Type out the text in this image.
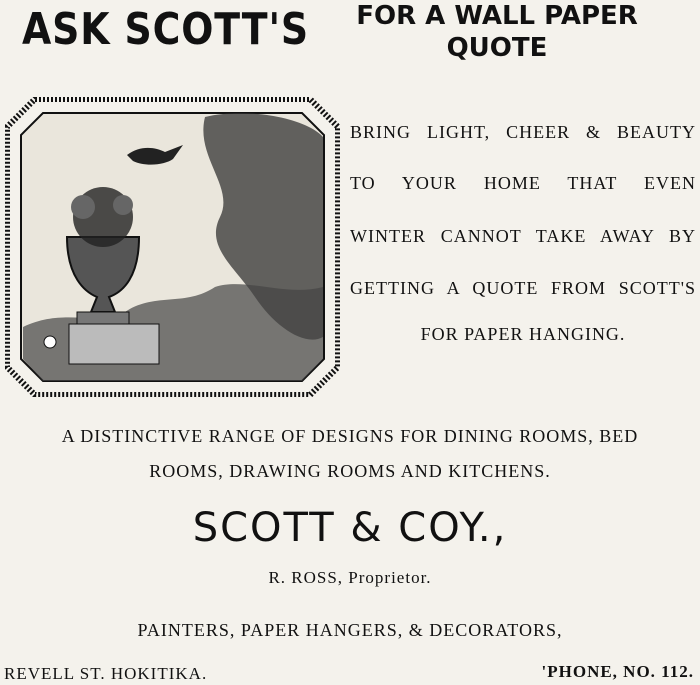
ASK SCOTT'S FOR A WALL PAPER
QUOTE
BRING LIGHT, CHEER & BEAUTY
TO YOUR HOME THAT EVEN
WINTER CANNOT TAKE AWAY BY
GETTING A QUOTE FROM SCOTT'S
FOR PAPER HANGING.
A DISTINCTIVE RANGE OF DESIGNS FOR DINING ROOMS, BED
ROOMS, DRAWING ROOMS AND KITCHENS.
SCOTT & COY.,
R. ROSS, Proprietor.
PAINTERS, PAPER HANGERS, & DECORATORS,
REVELL ST. HOKITIKA.	'PHONE, NO. 112.
